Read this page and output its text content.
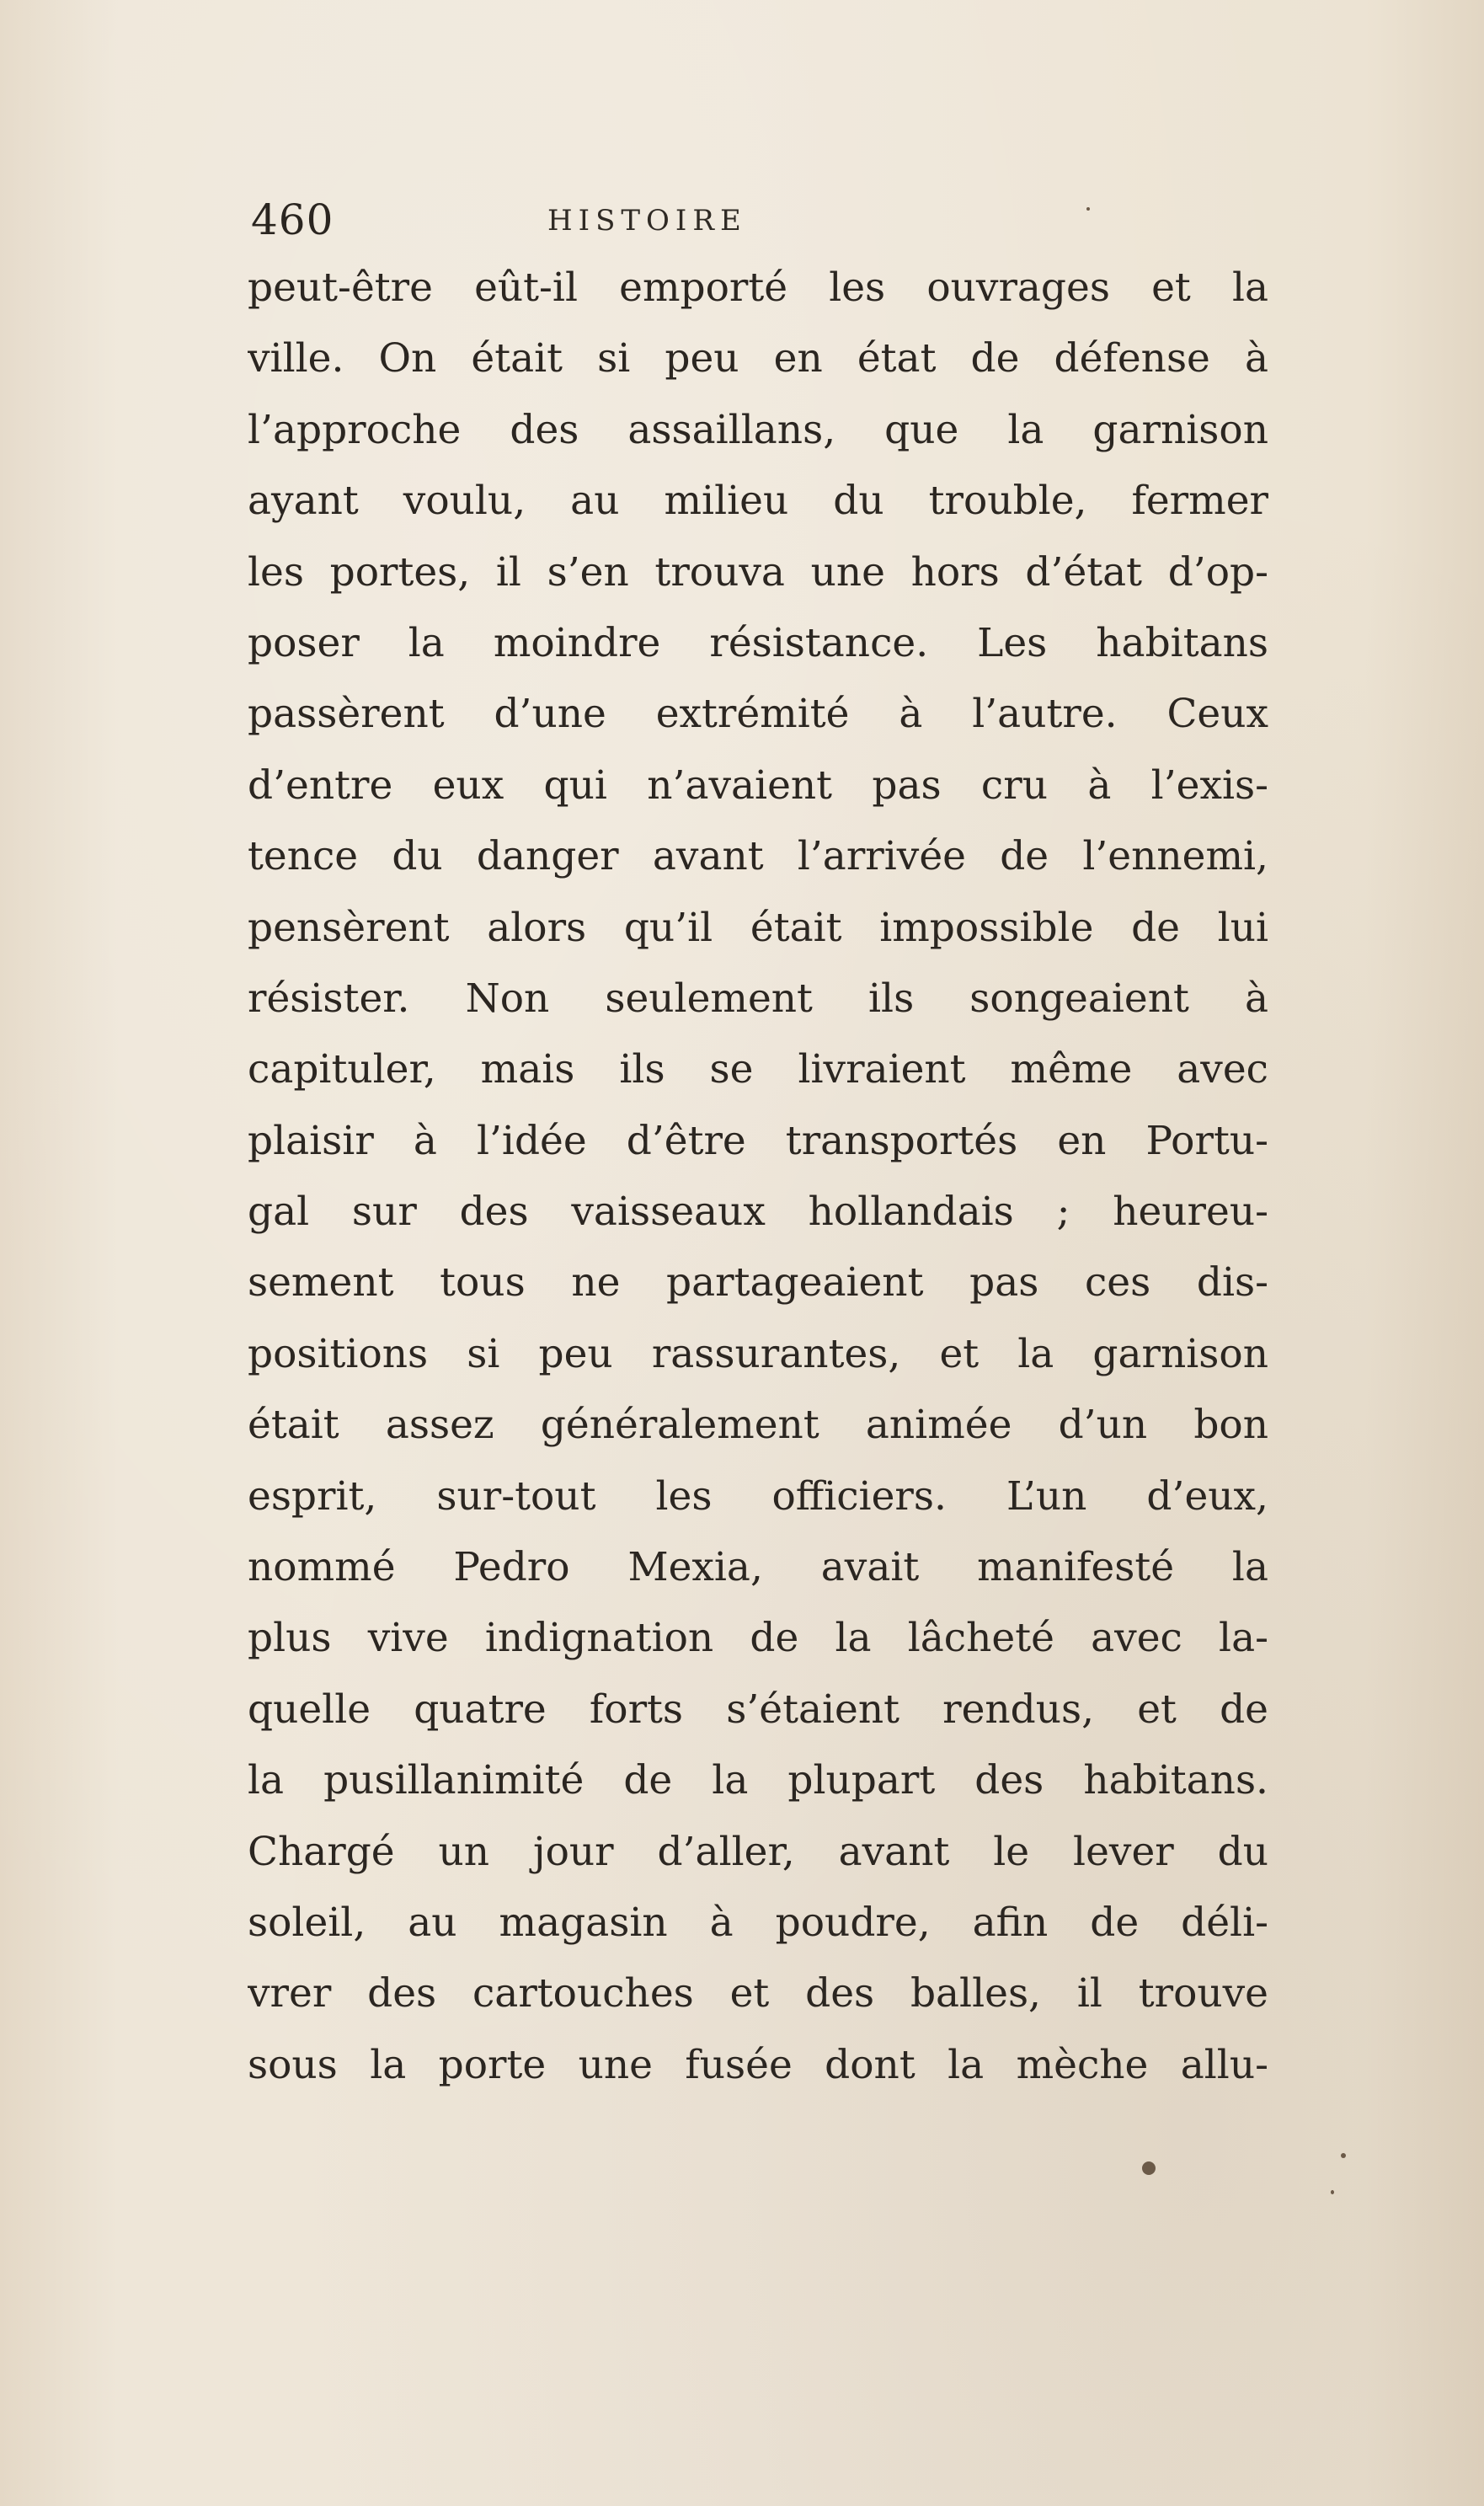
460	HISTOIRE
peut-être eût-il emporté les ouvrages et la
ville. On était si peu en état de défense à
l’approche des assaillans, que la garnison
ayant voulu, au milieu du trouble, fermer
les portes, il s’en trouva une hors d’état d’op-
poser la moindre résistance. Les habitans
passèrent d’une extrémité à l’autre. Ceux
d’entre eux qui n’avaient pas cru à l’exis-
tence du danger avant l’arrivée de l’ennemi,
pensèrent alors qu’il était impossible de lui
résister. Non seulement ils songeaient à
capituler, mais ils se livraient même avec
plaisir à l’idée d’être transportés en Portu-
gal sur des vaisseaux hollandais ; heureu-
sement tous ne partageaient pas ces dis-
positions si peu rassurantes, et la garnison
était assez généralement animée d’un bon
esprit, sur-tout les officiers. L’un d’eux,
nommé Pedro Mexia, avait manifesté la
plus vive indignation de la lâcheté avec la-
quelle quatre forts s’étaient rendus, et de
la pusillanimité de la plupart des habitans.
Chargé un jour d’aller, avant le lever du
soleil, au magasin à poudre, afin de déli-
vrer des cartouches et des balles, il trouve
sous la porte une fusée dont la mèche allu-
